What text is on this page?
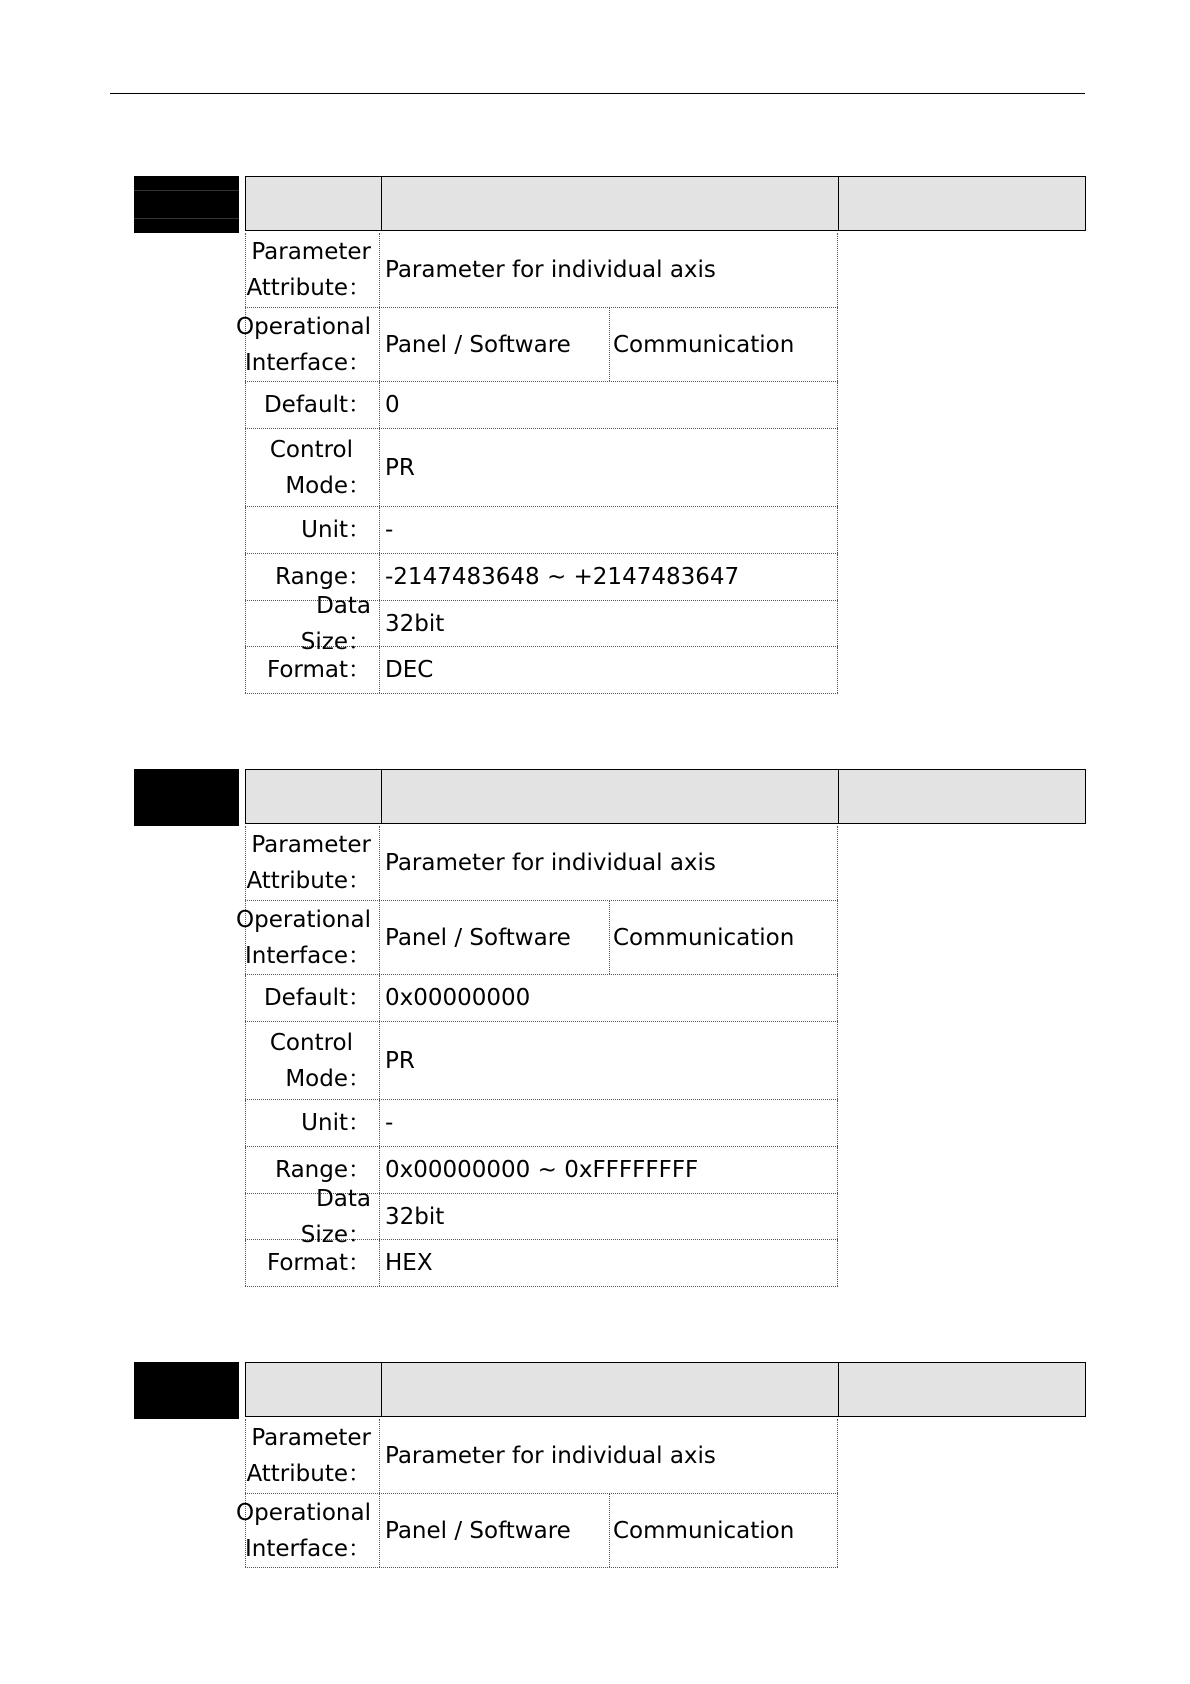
Parameter
Attribute：
Parameter for individual axis
Operational
Interface：
Panel / Software	Communication
Default： 0
Control
Mode：
PR
Unit： -
Range： -2147483648 ~ +2147483647
Data Size：
32bit
Format： DEC
Parameter
Attribute：
Parameter for individual axis
Operational
Interface：
Panel / Software	Communication
Default： 0x00000000
Control
Mode：
PR
Unit： -
Range： 0x00000000 ~ 0xFFFFFFFF
Data Size：
32bit
Format： HEX
Parameter
Attribute：
Parameter for individual axis
Operational
Interface：
Panel / Software	Communication
